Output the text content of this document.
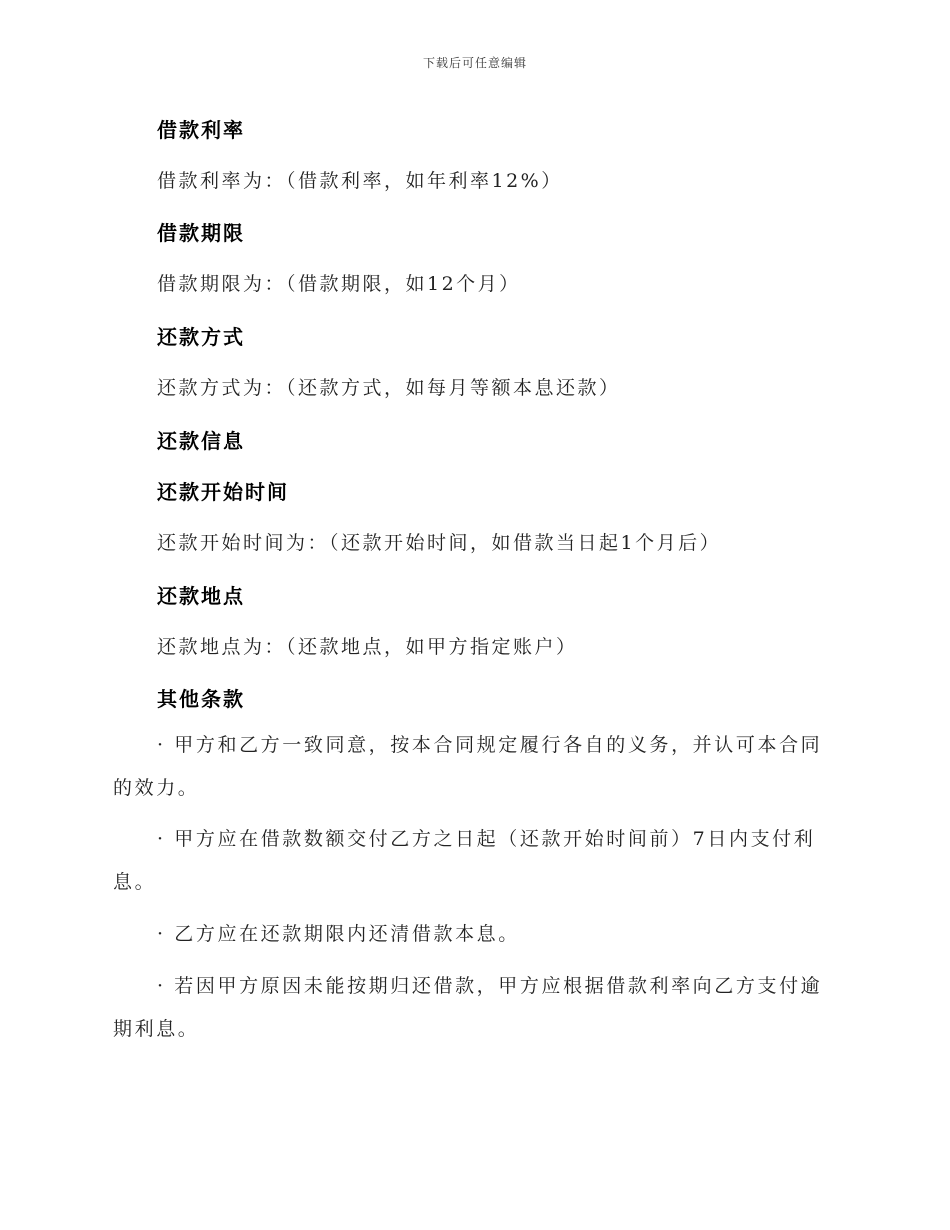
下载后可任意编辑
借款利率
借款利率为：（借款利率，如年利率12%）
借款期限
借款期限为：（借款期限，如12个月）
还款方式
还款方式为：（还款方式，如每月等额本息还款）
还款信息
还款开始时间
还款开始时间为：（还款开始时间，如借款当日起1个月后）
还款地点
还款地点为：（还款地点，如甲方指定账户）
其他条款
· 甲方和乙方一致同意，按本合同规定履行各自的义务，并认可本合同的效力。
· 甲方应在借款数额交付乙方之日起（还款开始时间前）7日内支付利息。
· 乙方应在还款期限内还清借款本息。
· 若因甲方原因未能按期归还借款，甲方应根据借款利率向乙方支付逾期利息。
